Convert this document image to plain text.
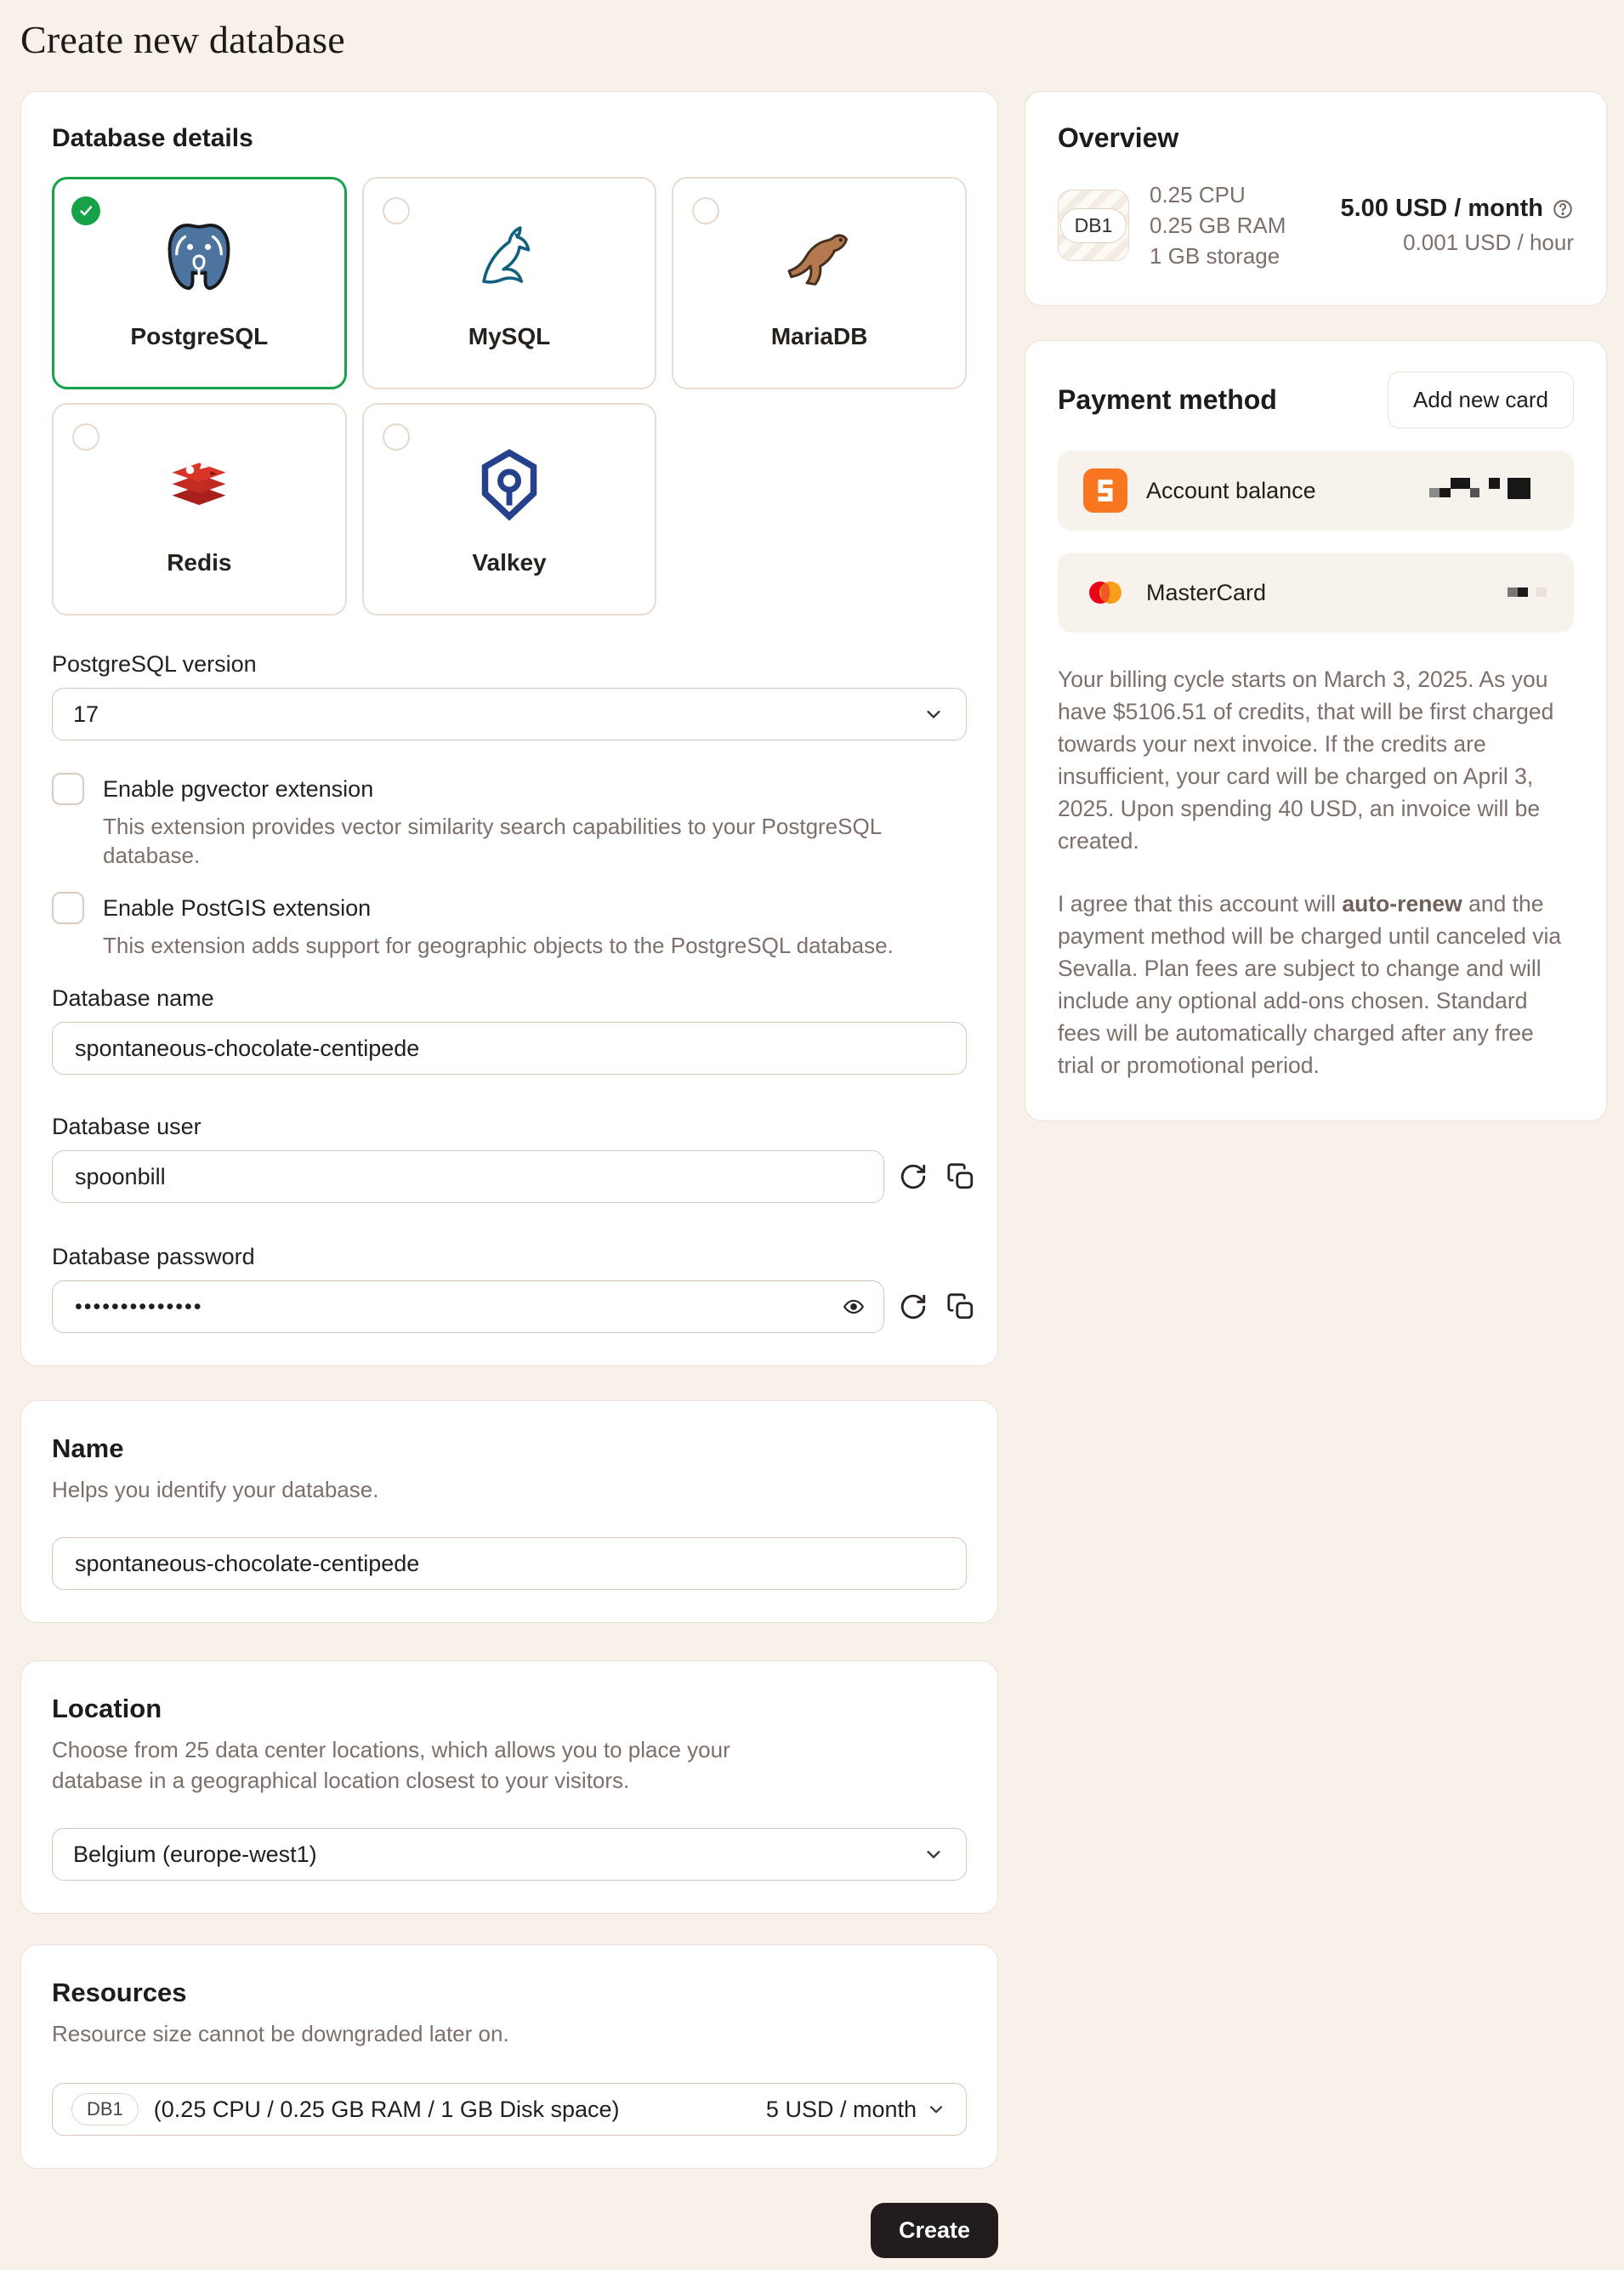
Create new database
Database details
PostgreSQL	MySQL	MariaDB
Redis	Valkey
PostgreSQL version
17
Enable pgvector extension
This extension provides vector similarity search capabilities to your PostgreSQL database.
Enable PostGIS extension
This extension adds support for geographic objects to the PostgreSQL database.
Database name
spontaneous-chocolate-centipede
Database user
spoonbill
Database password
••••••••••••••
Name
Helps you identify your database.
spontaneous-chocolate-centipede
Location
Choose from 25 data center locations, which allows you to place your database in a geographical location closest to your visitors.
Belgium (europe-west1)
Resources
Resource size cannot be downgraded later on.
DB1	(0.25 CPU / 0.25 GB RAM / 1 GB Disk space)	5 USD / month
Create
Overview
DB1
0.25 CPU
0.25 GB RAM
1 GB storage
5.00 USD / month
0.001 USD / hour
Payment method	Add new card
Account balance
MasterCard

Your billing cycle starts on March 3, 2025. As you have $5106.51 of credits, that will be first charged towards your next invoice. If the credits are insufficient, your card will be charged on April 3, 2025. Upon spending 40 USD, an invoice will be created.

I agree that this account will auto-renew and the payment method will be charged until canceled via Sevalla. Plan fees are subject to change and will include any optional add-ons chosen. Standard fees will be automatically charged after any free trial or promotional period.
